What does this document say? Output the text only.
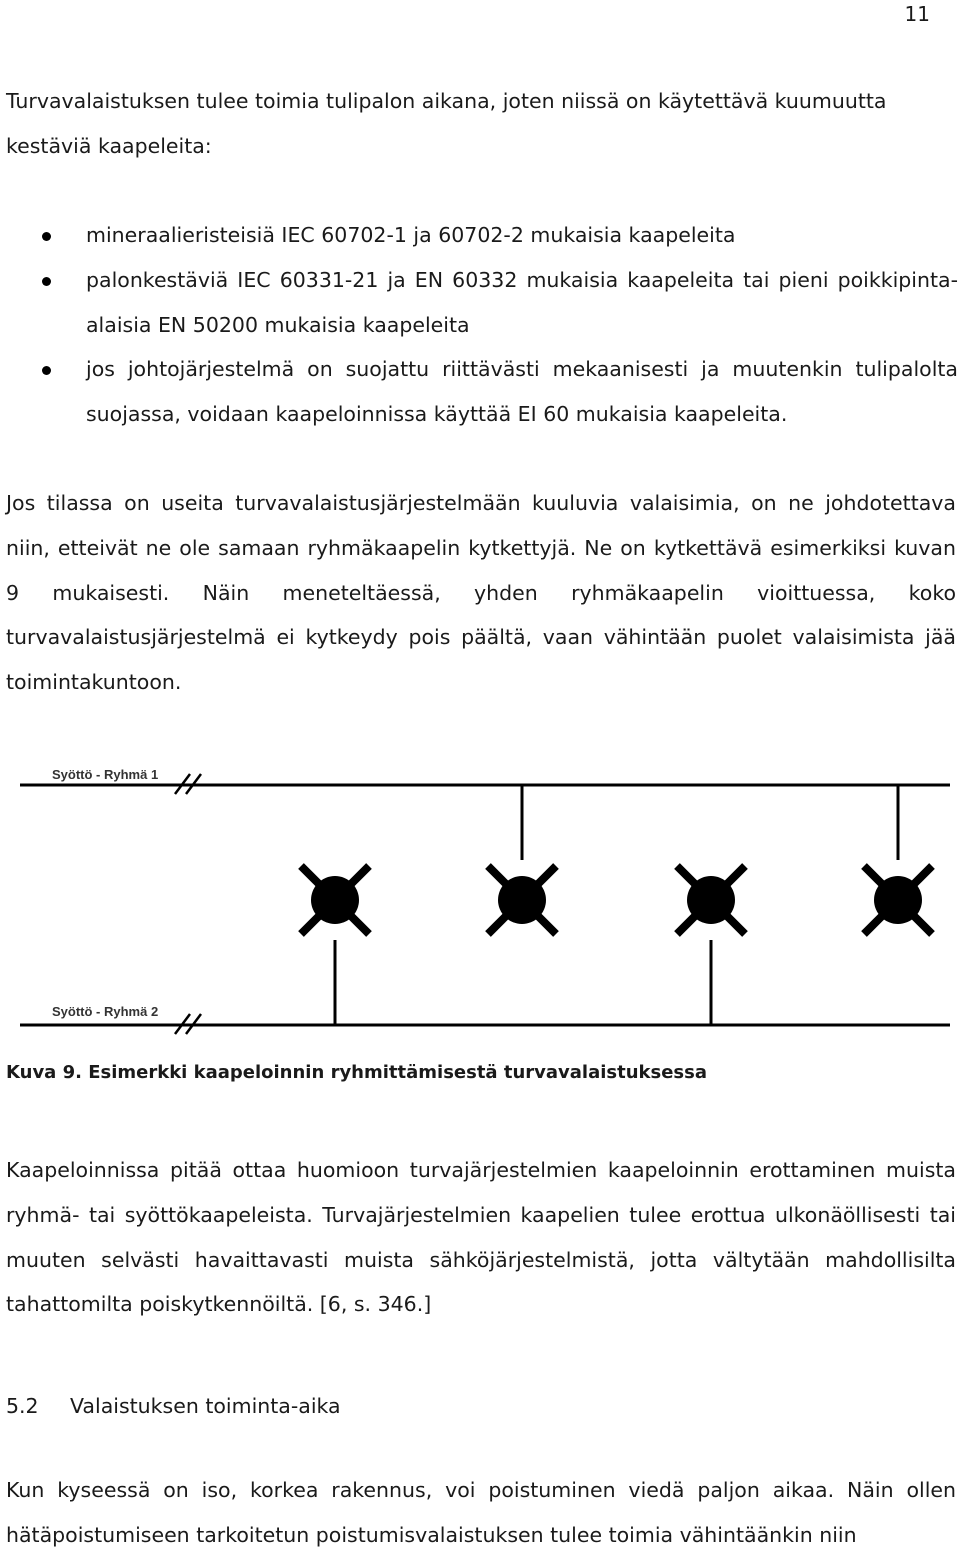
11

Turvavalaistuksen tulee toimia tulipalon aikana, joten niissä on käytettävä kuumuutta kestäviä kaapeleita:

mineraalieristeisiä IEC 60702-1 ja 60702-2 mukaisia kaapeleita
palonkestäviä IEC 60331-21 ja EN 60332 mukaisia kaapeleita tai pieni poikkipinta-alaisia EN 50200 mukaisia kaapeleita
jos johtojärjestelmä on suojattu riittävästi mekaanisesti ja muutenkin tulipalolta suojassa, voidaan kaapeloinnissa käyttää EI 60 mukaisia kaapeleita.

Jos tilassa on useita turvavalaistusjärjestelmään kuuluvia valaisimia, on ne johdotettava niin, etteivät ne ole samaan ryhmäkaapelin kytkettyjä. Ne on kytkettävä esimerkiksi kuvan 9 mukaisesti. Näin meneteltäessä, yhden ryhmäkaapelin vioittuessa, koko turvavalaistusjärjestelmä ei kytkeydy pois päältä, vaan vähintään puolet valaisimista jää toimintakuntoon.

Syöttö - Ryhmä 1
Syöttö - Ryhmä 2

Kuva 9. Esimerkki kaapeloinnin ryhmittämisestä turvavalaistuksessa

Kaapeloinnissa pitää ottaa huomioon turvajärjestelmien kaapeloinnin erottaminen muista ryhmä- tai syöttökaapeleista. Turvajärjestelmien kaapelien tulee erottua ulkonäöllisesti tai muuten selvästi havaittavasti muista sähköjärjestelmistä, jotta vältytään mahdollisilta tahattomilta poiskytkennöiltä. [6, s. 346.]

5.2 Valaistuksen toiminta-aika

Kun kyseessä on iso, korkea rakennus, voi poistuminen viedä paljon aikaa. Näin ollen hätäpoistumiseen tarkoitetun poistumisvalaistuksen tulee toimia vähintäänkin niin
